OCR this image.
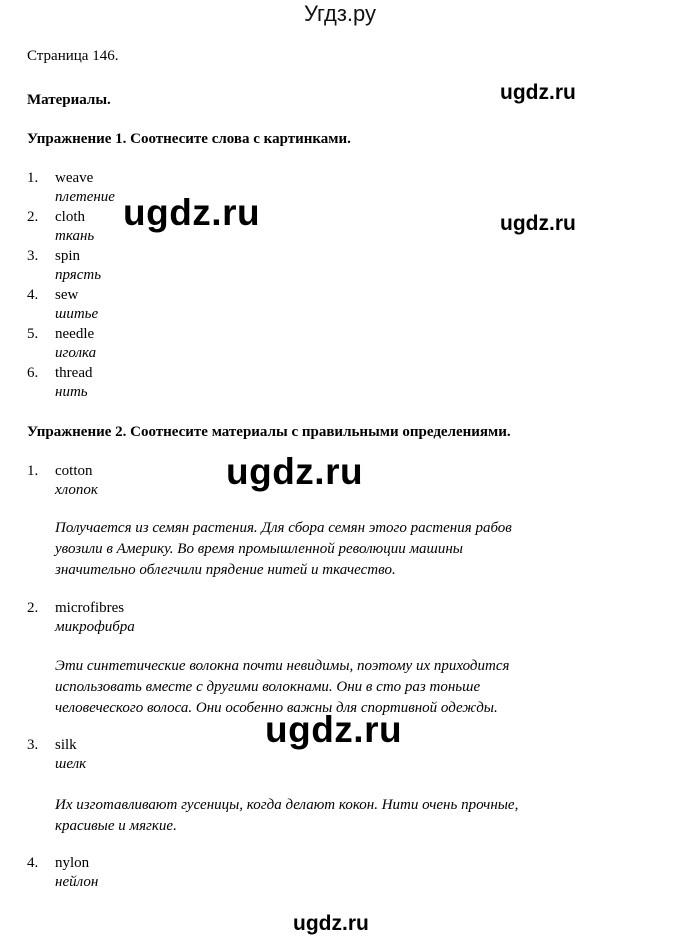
Угдз.ру
Страница 146.
Материалы.
Упражнение 1. Соотнесите слова с картинками.
1. weave
плетение
2. cloth
ткань
3. spin
прясть
4. sew
шитье
5. needle
иголка
6. thread
нить
Упражнение 2. Соотнесите материалы с правильными определениями.
1. cotton
хлопок
Получается из семян растения. Для сбора семян этого растения рабов
увозили в Америку. Во время промышленной революции машины
значительно облегчили прядение нитей и ткачество.
2. microfibres
микрофибра
Эти синтетические волокна почти невидимы, поэтому их приходится
использовать вместе с другими волокнами. Они в сто раз тоньше
человеческого волоса. Они особенно важны для спортивной одежды.
3. silk
шелк
Их изготавливают гусеницы, когда делают кокон. Нити очень прочные,
красивые и мягкие.
4. nylon
нейлон
ugdz.ru
ugdz.ru	ugdz.ru
ugdz.ru
ugdz.ru
ugdz.ru
